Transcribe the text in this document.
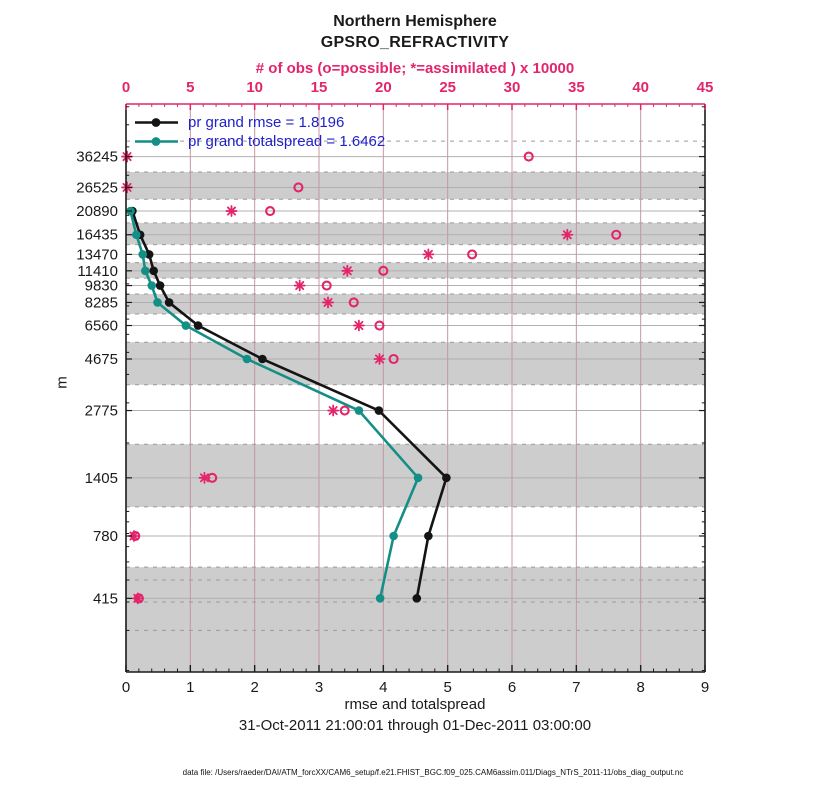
Northern Hemisphere
GPSRO_REFRACTIVITY
# of obs (o=possible; *=assimilated ) x 10000
0	5	10	15	20	25	30	35	40	45
0	1	2	3	4	5	6	7	8	9
36245
26525
20890
16435
13470
11410
9830
8285
6560
4675
2775
1405
780
415
pr grand rmse = 1.8196
pr grand totalspread = 1.6462
m
rmse and totalspread
31-Oct-2011 21:00:01 through 01-Dec-2011 03:00:00
data file: /Users/raeder/DAI/ATM_forcXX/CAM6_setup/f.e21.FHIST_BGC.f09_025.CAM6assim.011/Diags_NTrS_2011-11/obs_diag_output.nc
